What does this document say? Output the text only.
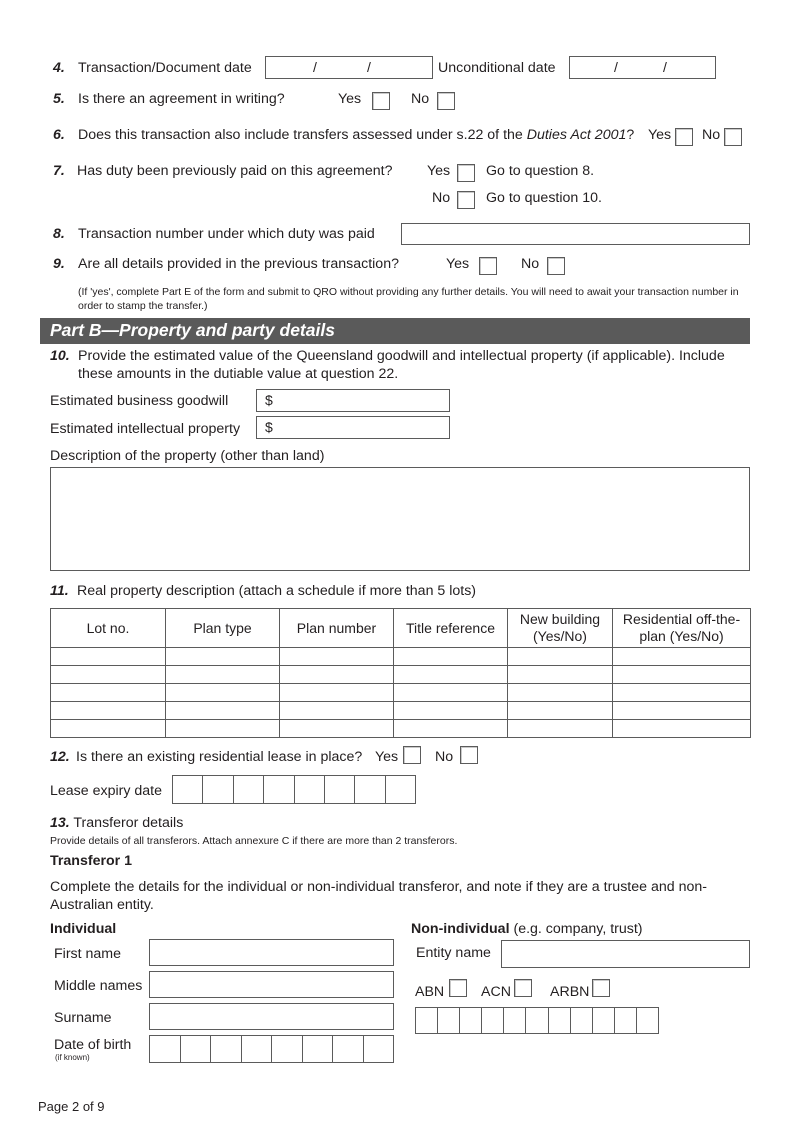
4. Transaction/Document date	/	/	Unconditional date	/	/
5. Is there an agreement in writing?	Yes	No
6. Does this transaction also include transfers assessed under s.22 of the Duties Act 2001? Yes No
7. Has duty been previously paid on this agreement? Yes	Go to question 8.
No	Go to question 10.
8. Transaction number under which duty was paid
9. Are all details provided in the previous transaction?	Yes	No
(If 'yes', complete Part E of the form and submit to QRO without providing any further details. You will need to await your transaction number in order to stamp the transfer.)
Part B—Property and party details
10. Provide the estimated value of the Queensland goodwill and intellectual property (if applicable). Include
these amounts in the dutiable value at question 22.
Estimated business goodwill	$
Estimated intellectual property $
Description of the property (other than land)
11. Real property description (attach a schedule if more than 5 lots)
Lot no.	Plan type	Plan number	Title reference	New building (Yes/No)	Residential off-the-plan (Yes/No)

12. Is there an existing residential lease in place? Yes	No
Lease expiry date
13. Transferor details
Provide details of all transferors. Attach annexure C if there are more than 2 transferors.
Transferor 1
Complete the details for the individual or non-individual transferor, and note if they are a trustee and non-Australian entity.
Individual
First name
Middle names
Surname
Date of birth
(if known)
Non-individual (e.g. company, trust)
Entity name
ABN	ACN	ARBN
Page 2 of 9
